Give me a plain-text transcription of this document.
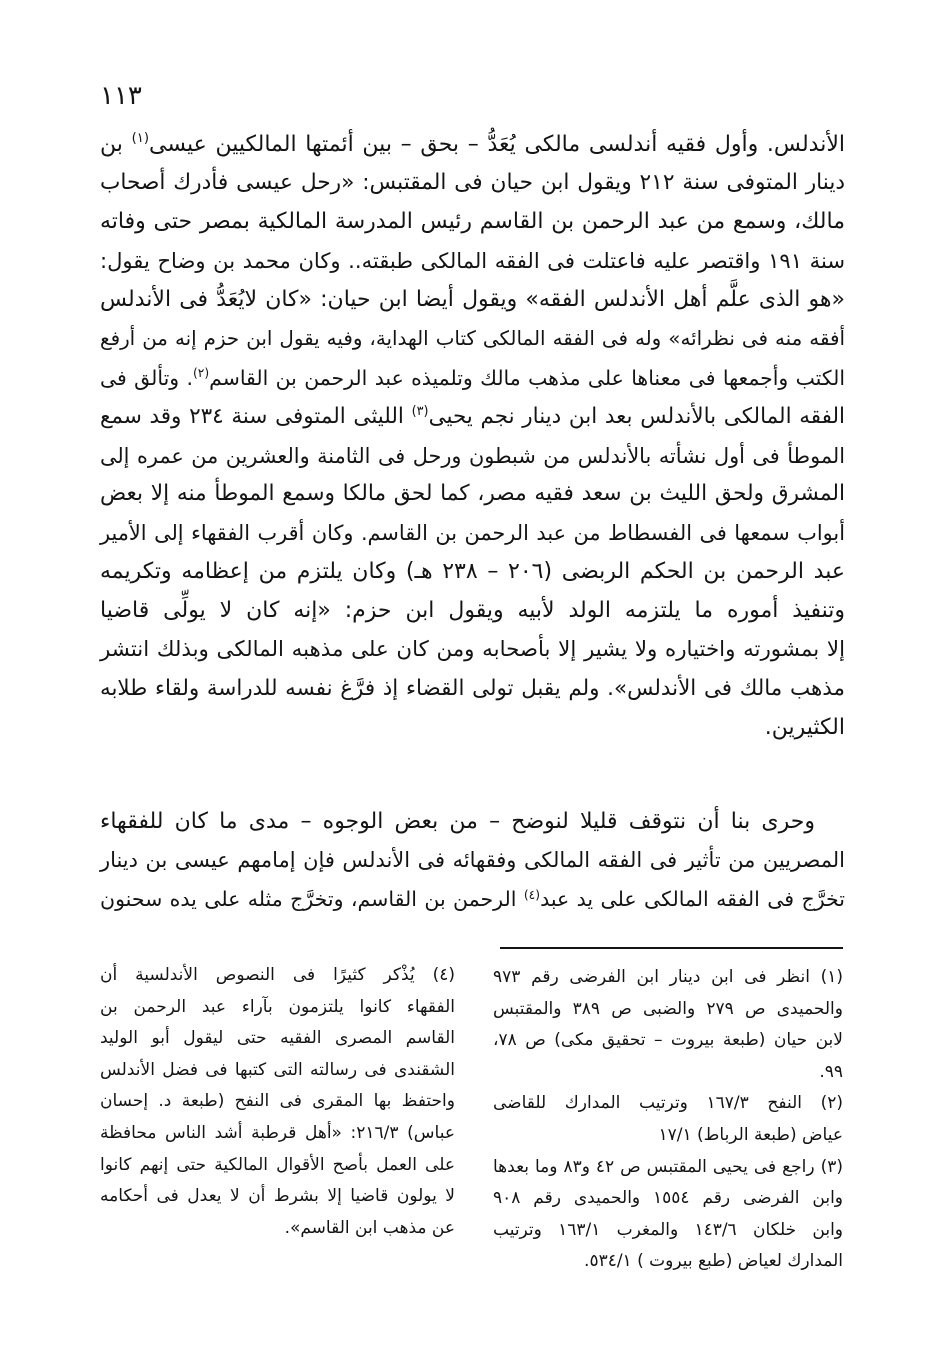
١١٣
الأندلس. وأول فقيه أندلسى مالكى يُعَدُّ – بحق – بين أئمتها المالكيين عيسى$^{(١)}$ بن
دينار المتوفى سنة ٢١٢ ويقول ابن حيان فى المقتبس: «رحل عيسى فأدرك أصحاب
مالك، وسمع من عبد الرحمن بن القاسم رئيس المدرسة المالكية بمصر حتى وفاته
سنة ١٩١ واقتصر عليه فاعتلت فى الفقه المالكى طبقته.. وكان محمد بن وضاح يقول:
«هو الذى علَّم أهل الأندلس الفقه» ويقول أيضا ابن حيان: «كان لايُعَدُّ فى الأندلس
أفقه منه فى نظرائه» وله فى الفقه المالكى كتاب الهداية، وفيه يقول ابن حزم إنه من أرفع
الكتب وأجمعها فى معناها على مذهب مالك وتلميذه عبد الرحمن بن القاسم$^{(٢)}$. وتألق فى
الفقه المالكى بالأندلس بعد ابن دينار نجم يحيى$^{(٣)}$ الليثى المتوفى سنة ٢٣٤ وقد سمع
الموطأ فى أول نشأته بالأندلس من شبطون ورحل فى الثامنة والعشرين من عمره إلى
المشرق ولحق الليث بن سعد فقيه مصر، كما لحق مالكا وسمع الموطأ منه إلا بعض
أبواب سمعها فى الفسطاط من عبد الرحمن بن القاسم. وكان أقرب الفقهاء إلى الأمير
عبد الرحمن بن الحكم الربضى (٢٠٦ – ٢٣٨ هـ) وكان يلتزم من إعظامه وتكريمه
وتنفيذ أموره ما يلتزمه الولد لأبيه ويقول ابن حزم: «إنه كان لا يولِّى قاضيا
إلا بمشورته واختياره ولا يشير إلا بأصحابه ومن كان على مذهبه المالكى وبذلك انتشر
مذهب مالك فى الأندلس». ولم يقبل تولى القضاء إذ فرَّغ نفسه للدراسة ولقاء طلابه
الكثيرين.
وحرى بنا أن نتوقف قليلا لنوضح – من بعض الوجوه – مدى ما كان للفقهاء
المصريين من تأثير فى الفقه المالكى وفقهائه فى الأندلس فإن إمامهم عيسى بن دينار
تخرَّج فى الفقه المالكى على يد عبد$^{(٤)}$ الرحمن بن القاسم، وتخرَّج مثله على يده سحنون
(١) انظر فى ابن دينار ابن الفرضى رقم ٩٧٣
والحميدى ص ٢٧٩ والضبى ص ٣٨٩ والمقتبس
لابن حيان (طبعة بيروت – تحقيق مكى) ص ٧٨،
٩٩.
(٢) النفح ١٦٧/٣ وترتيب المدارك للقاضى
عياض (طبعة الرباط) ١٧/١
(٣) راجع فى يحيى المقتبس ص ٤٢ و٨٣ وما بعدها
وابن الفرضى رقم ١٥٥٤ والحميدى رقم ٩٠٨
وابن خلكان ١٤٣/٦ والمغرب ١٦٣/١ وترتيب
المدارك لعياض (طبع بيروت ) ٥٣٤/١.
(٤) يُذْكر كثيرًا فى النصوص الأندلسية أن
الفقهاء كانوا يلتزمون بآراء عبد الرحمن بن
القاسم المصرى الفقيه حتى ليقول أبو الوليد
الشقندى فى رسالته التى كتبها فى فضل الأندلس
واحتفظ بها المقرى فى النفح (طبعة د. إحسان
عباس) ٢١٦/٣: «أهل قرطبة أشد الناس محافظة
على العمل بأصح الأقوال المالكية حتى إنهم كانوا
لا يولون قاضيا إلا بشرط أن لا يعدل فى أحكامه
عن مذهب ابن القاسم».
